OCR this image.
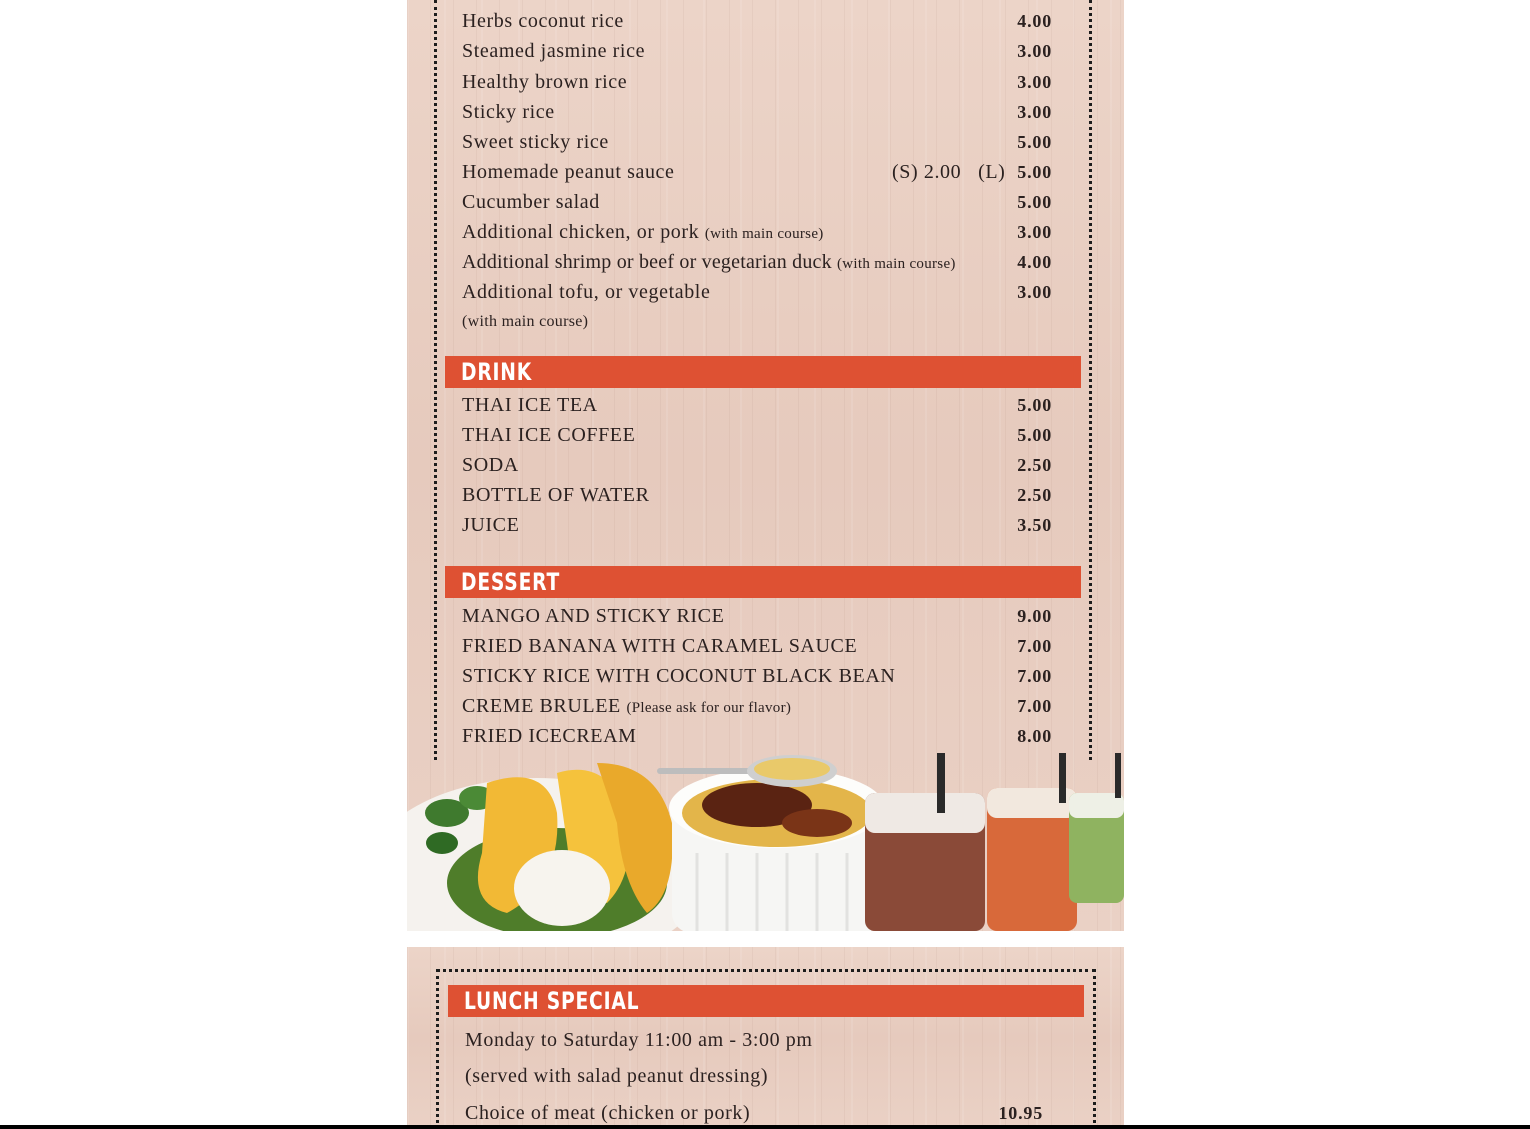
Herbs coconut rice	4.00
Steamed jasmine rice	3.00
Healthy brown rice	3.00
Sticky rice	3.00
Sweet sticky rice	5.00
Homemade peanut sauce	(S) 2.00 (L) 5.00
Cucumber salad	5.00
Additional chicken, or pork (with main course)	3.00
Additional shrimp or beef or vegetarian duck (with main course)	4.00
Additional tofu, or vegetable	3.00
(with main course)
DRINK
THAI ICE TEA	5.00
THAI ICE COFFEE	5.00
SODA	2.50
BOTTLE OF WATER	2.50
JUICE	3.50
DESSERT
MANGO AND STICKY RICE	9.00
FRIED BANANA WITH CARAMEL SAUCE	7.00
STICKY RICE WITH COCONUT BLACK BEAN	7.00
CREME BRULEE (Please ask for our flavor)	7.00
FRIED ICECREAM	8.00
LUNCH SPECIAL
Monday to Saturday 11:00 am - 3:00 pm
(served with salad peanut dressing)
Choice of meat (chicken or pork)	10.95
